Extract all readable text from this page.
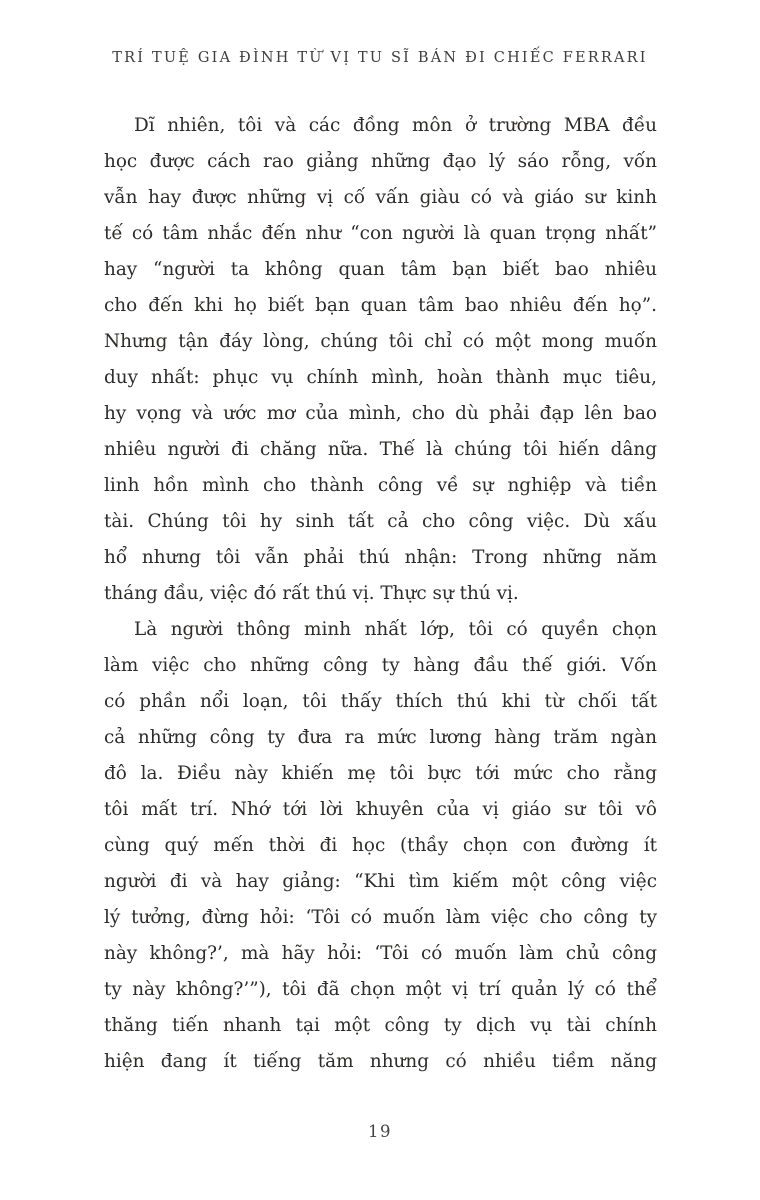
TRÍ TUỆ GIA ĐÌNH TỪ VỊ TU SĨ BÁN ĐI CHIẾC FERRARI
Dĩ nhiên, tôi và các đồng môn ở trường MBA đều
học được cách rao giảng những đạo lý sáo rỗng, vốn
vẫn hay được những vị cố vấn giàu có và giáo sư kinh
tế có tâm nhắc đến như “con người là quan trọng nhất”
hay “người ta không quan tâm bạn biết bao nhiêu
cho đến khi họ biết bạn quan tâm bao nhiêu đến họ”.
Nhưng tận đáy lòng, chúng tôi chỉ có một mong muốn
duy nhất: phục vụ chính mình, hoàn thành mục tiêu,
hy vọng và ước mơ của mình, cho dù phải đạp lên bao
nhiêu người đi chăng nữa. Thế là chúng tôi hiến dâng
linh hồn mình cho thành công về sự nghiệp và tiền
tài. Chúng tôi hy sinh tất cả cho công việc. Dù xấu
hổ nhưng tôi vẫn phải thú nhận: Trong những năm
tháng đầu, việc đó rất thú vị. Thực sự thú vị.
Là người thông minh nhất lớp, tôi có quyền chọn
làm việc cho những công ty hàng đầu thế giới. Vốn
có phần nổi loạn, tôi thấy thích thú khi từ chối tất
cả những công ty đưa ra mức lương hàng trăm ngàn
đô la. Điều này khiến mẹ tôi bực tới mức cho rằng
tôi mất trí. Nhớ tới lời khuyên của vị giáo sư tôi vô
cùng quý mến thời đi học (thầy chọn con đường ít
người đi và hay giảng: “Khi tìm kiếm một công việc
lý tưởng, đừng hỏi: ‘Tôi có muốn làm việc cho công ty
này không?’, mà hãy hỏi: ‘Tôi có muốn làm chủ công
ty này không?’”), tôi đã chọn một vị trí quản lý có thể
thăng tiến nhanh tại một công ty dịch vụ tài chính
hiện đang ít tiếng tăm nhưng có nhiều tiềm năng
19
